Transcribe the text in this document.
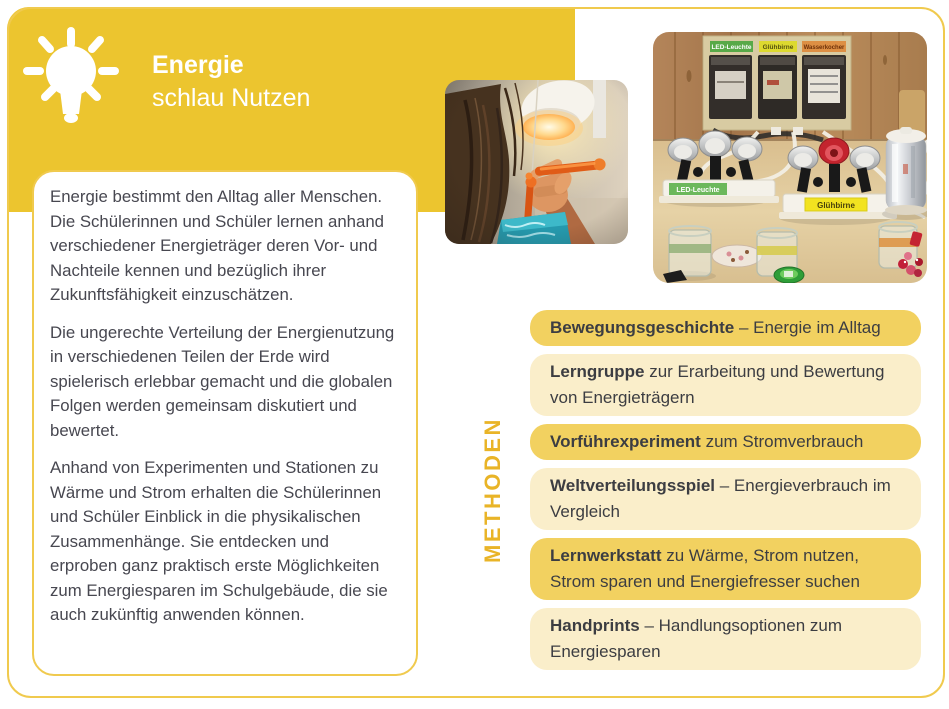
Energie
schlau Nutzen

Energie bestimmt den Alltag aller Menschen. Die Schülerinnen und Schüler lernen anhand verschiedener Energieträger deren Vor- und Nachteile kennen und bezüglich ihrer Zukunftsfähigkeit einzuschätzen.

Die ungerechte Verteilung der Energienutzung in verschiedenen Teilen der Erde wird spielerisch erlebbar gemacht und die globalen Folgen werden gemeinsam diskutiert und bewertet.

Anhand von Experimenten und Stationen zu Wärme und Strom erhalten die Schülerinnen und Schüler Einblick in die physikalischen Zusammenhänge. Sie entdecken und erproben ganz praktisch erste Möglichkeiten zum Energiesparen im Schulgebäude, die sie auch zukünftig anwenden können.

LED-Leuchte Glühbirne Wasserkocher
LED-Leuchte
Glühbirne
METHODEN
Bewegungsgeschichte – Energie im Alltag
Lerngruppe zur Erarbeitung und Bewertung von Energieträgern
Vorführexperiment zum Stromverbrauch
Weltverteilungsspiel – Energieverbrauch im Vergleich
Lernwerkstatt zu Wärme, Strom nutzen, Strom sparen und Energiefresser suchen
Handprints – Handlungsoptionen zum Energiesparen
